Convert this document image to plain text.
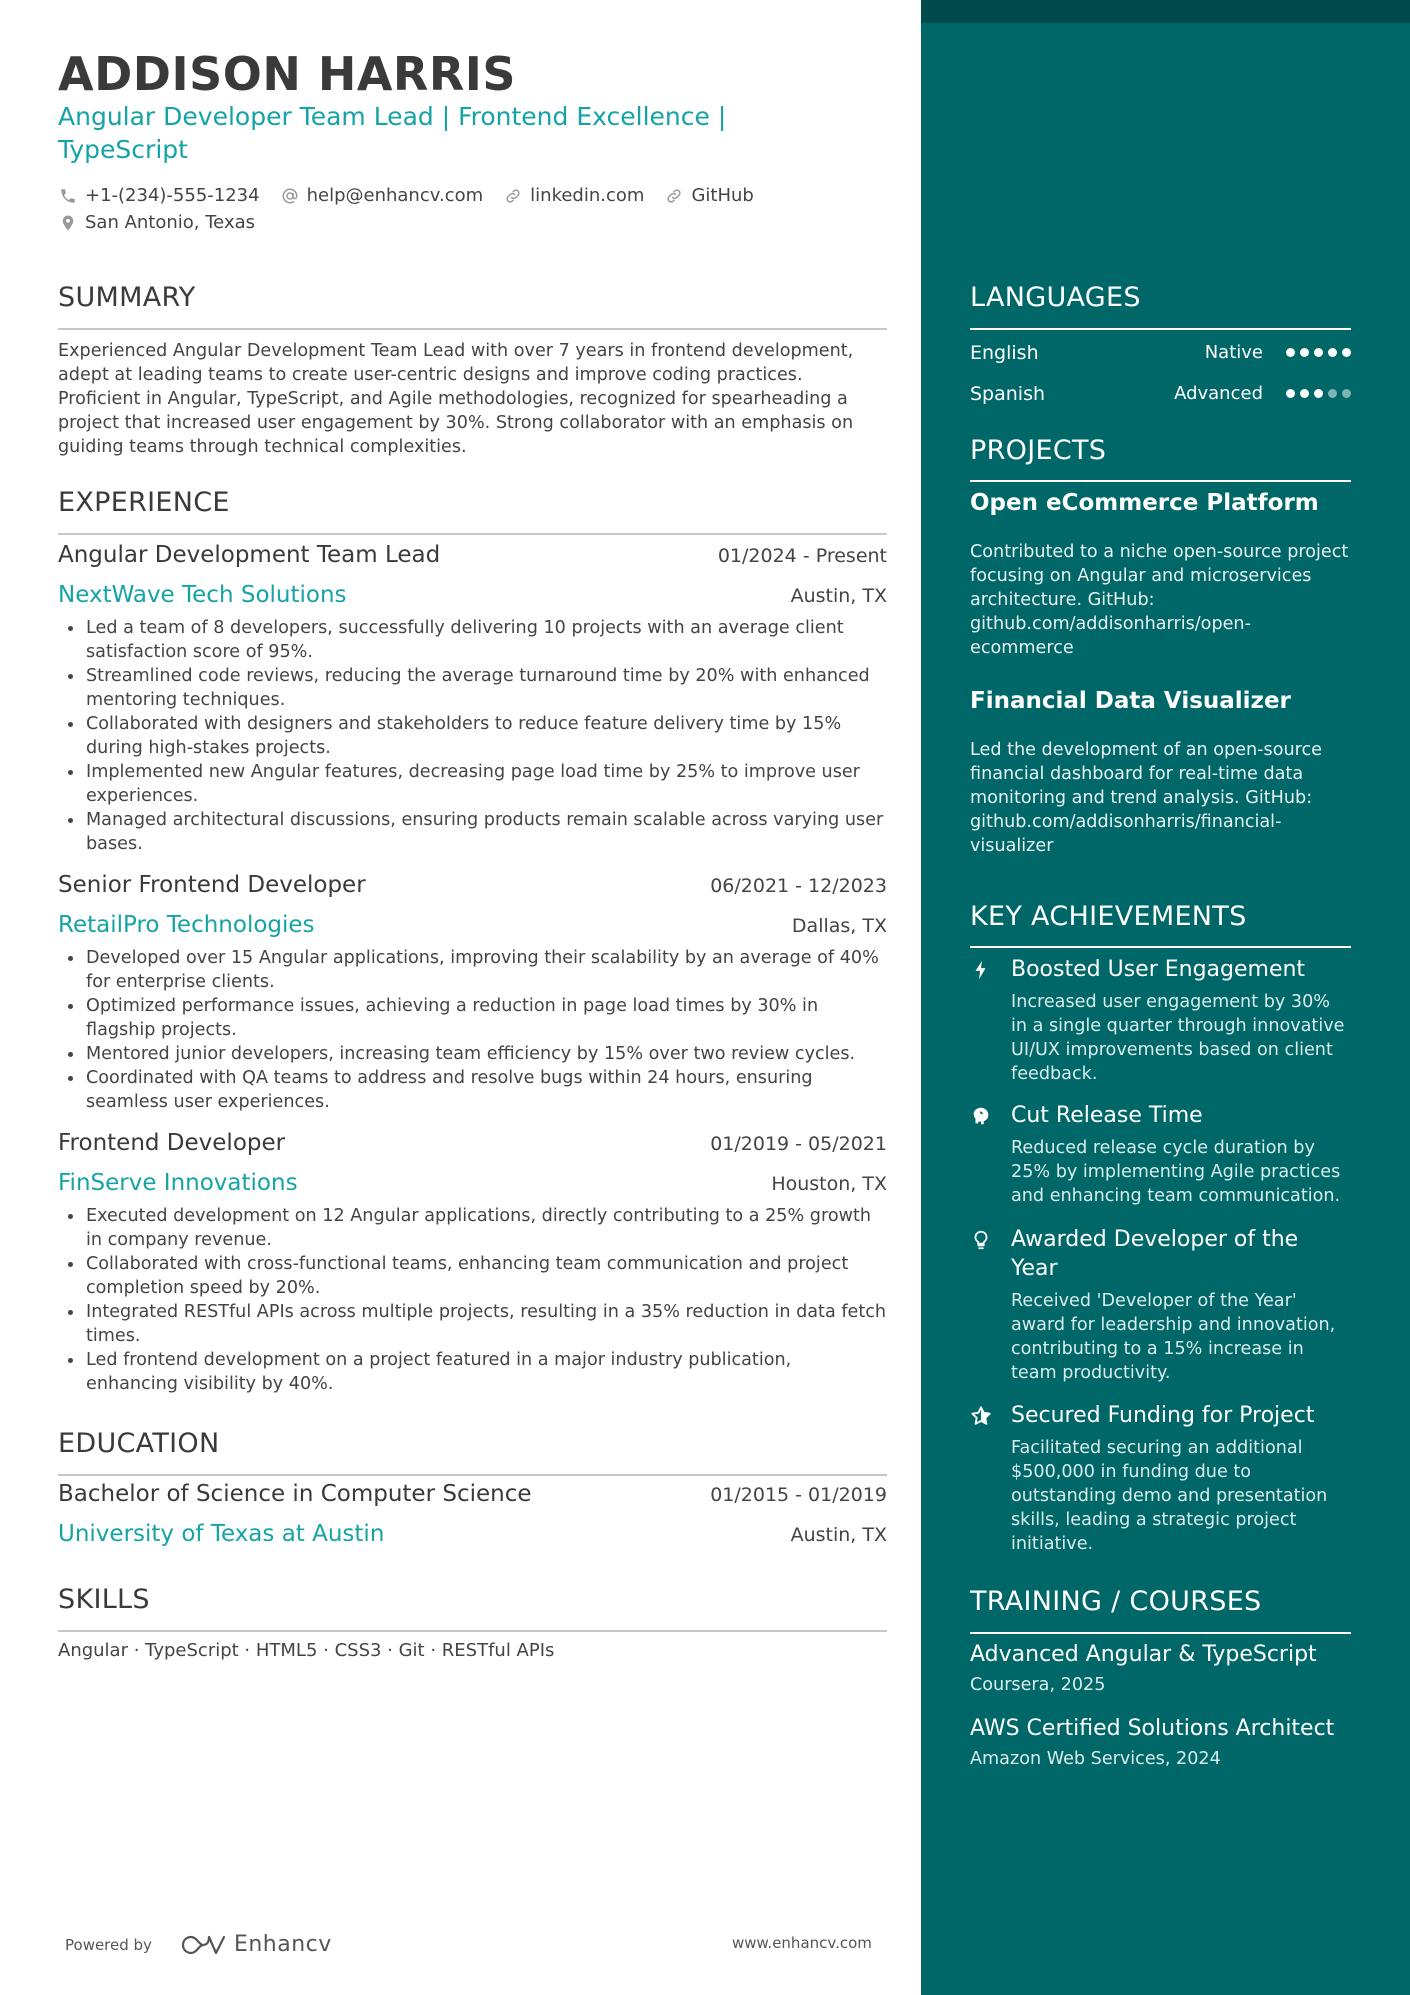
ADDISON HARRIS
Angular Developer Team Lead | Frontend Excellence | TypeScript
+1-(234)-555-1234	help@enhancv.com	linkedin.com	GitHub
San Antonio, Texas
SUMMARY
Experienced Angular Development Team Lead with over 7 years in frontend development, adept at leading teams to create user-centric designs and improve coding practices. Proficient in Angular, TypeScript, and Agile methodologies, recognized for spearheading a project that increased user engagement by 30%. Strong collaborator with an emphasis on guiding teams through technical complexities.
EXPERIENCE
Angular Development Team Lead	01/2024 - Present
NextWave Tech Solutions	Austin, TX
Led a team of 8 developers, successfully delivering 10 projects with an average client satisfaction score of 95%.
Streamlined code reviews, reducing the average turnaround time by 20% with enhanced mentoring techniques.
Collaborated with designers and stakeholders to reduce feature delivery time by 15% during high-stakes projects.
Implemented new Angular features, decreasing page load time by 25% to improve user experiences.
Managed architectural discussions, ensuring products remain scalable across varying user bases.
Senior Frontend Developer	06/2021 - 12/2023
RetailPro Technologies	Dallas, TX
Developed over 15 Angular applications, improving their scalability by an average of 40% for enterprise clients.
Optimized performance issues, achieving a reduction in page load times by 30% in flagship projects.
Mentored junior developers, increasing team efficiency by 15% over two review cycles.
Coordinated with QA teams to address and resolve bugs within 24 hours, ensuring seamless user experiences.
Frontend Developer	01/2019 - 05/2021
FinServe Innovations	Houston, TX
Executed development on 12 Angular applications, directly contributing to a 25% growth in company revenue.
Collaborated with cross-functional teams, enhancing team communication and project completion speed by 20%.
Integrated RESTful APIs across multiple projects, resulting in a 35% reduction in data fetch times.
Led frontend development on a project featured in a major industry publication, enhancing visibility by 40%.
EDUCATION
Bachelor of Science in Computer Science	01/2015 - 01/2019
University of Texas at Austin	Austin, TX
SKILLS
Angular · TypeScript · HTML5 · CSS3 · Git · RESTful APIs
Powered by	Enhancv	www.enhancv.com
LANGUAGES
English	Native
Spanish	Advanced
PROJECTS
Open eCommerce Platform
Contributed to a niche open-source project focusing on Angular and microservices architecture. GitHub: github.com/addisonharris/open-ecommerce
Financial Data Visualizer
Led the development of an open-source financial dashboard for real-time data monitoring and trend analysis. GitHub: github.com/addisonharris/financial-visualizer
KEY ACHIEVEMENTS
Boosted User Engagement
Increased user engagement by 30% in a single quarter through innovative UI/UX improvements based on client feedback.
Cut Release Time
Reduced release cycle duration by 25% by implementing Agile practices and enhancing team communication.
Awarded Developer of the Year
Received 'Developer of the Year' award for leadership and innovation, contributing to a 15% increase in team productivity.
Secured Funding for Project
Facilitated securing an additional $500,000 in funding due to outstanding demo and presentation skills, leading a strategic project initiative.
TRAINING / COURSES
Advanced Angular & TypeScript
Coursera, 2025
AWS Certified Solutions Architect
Amazon Web Services, 2024
